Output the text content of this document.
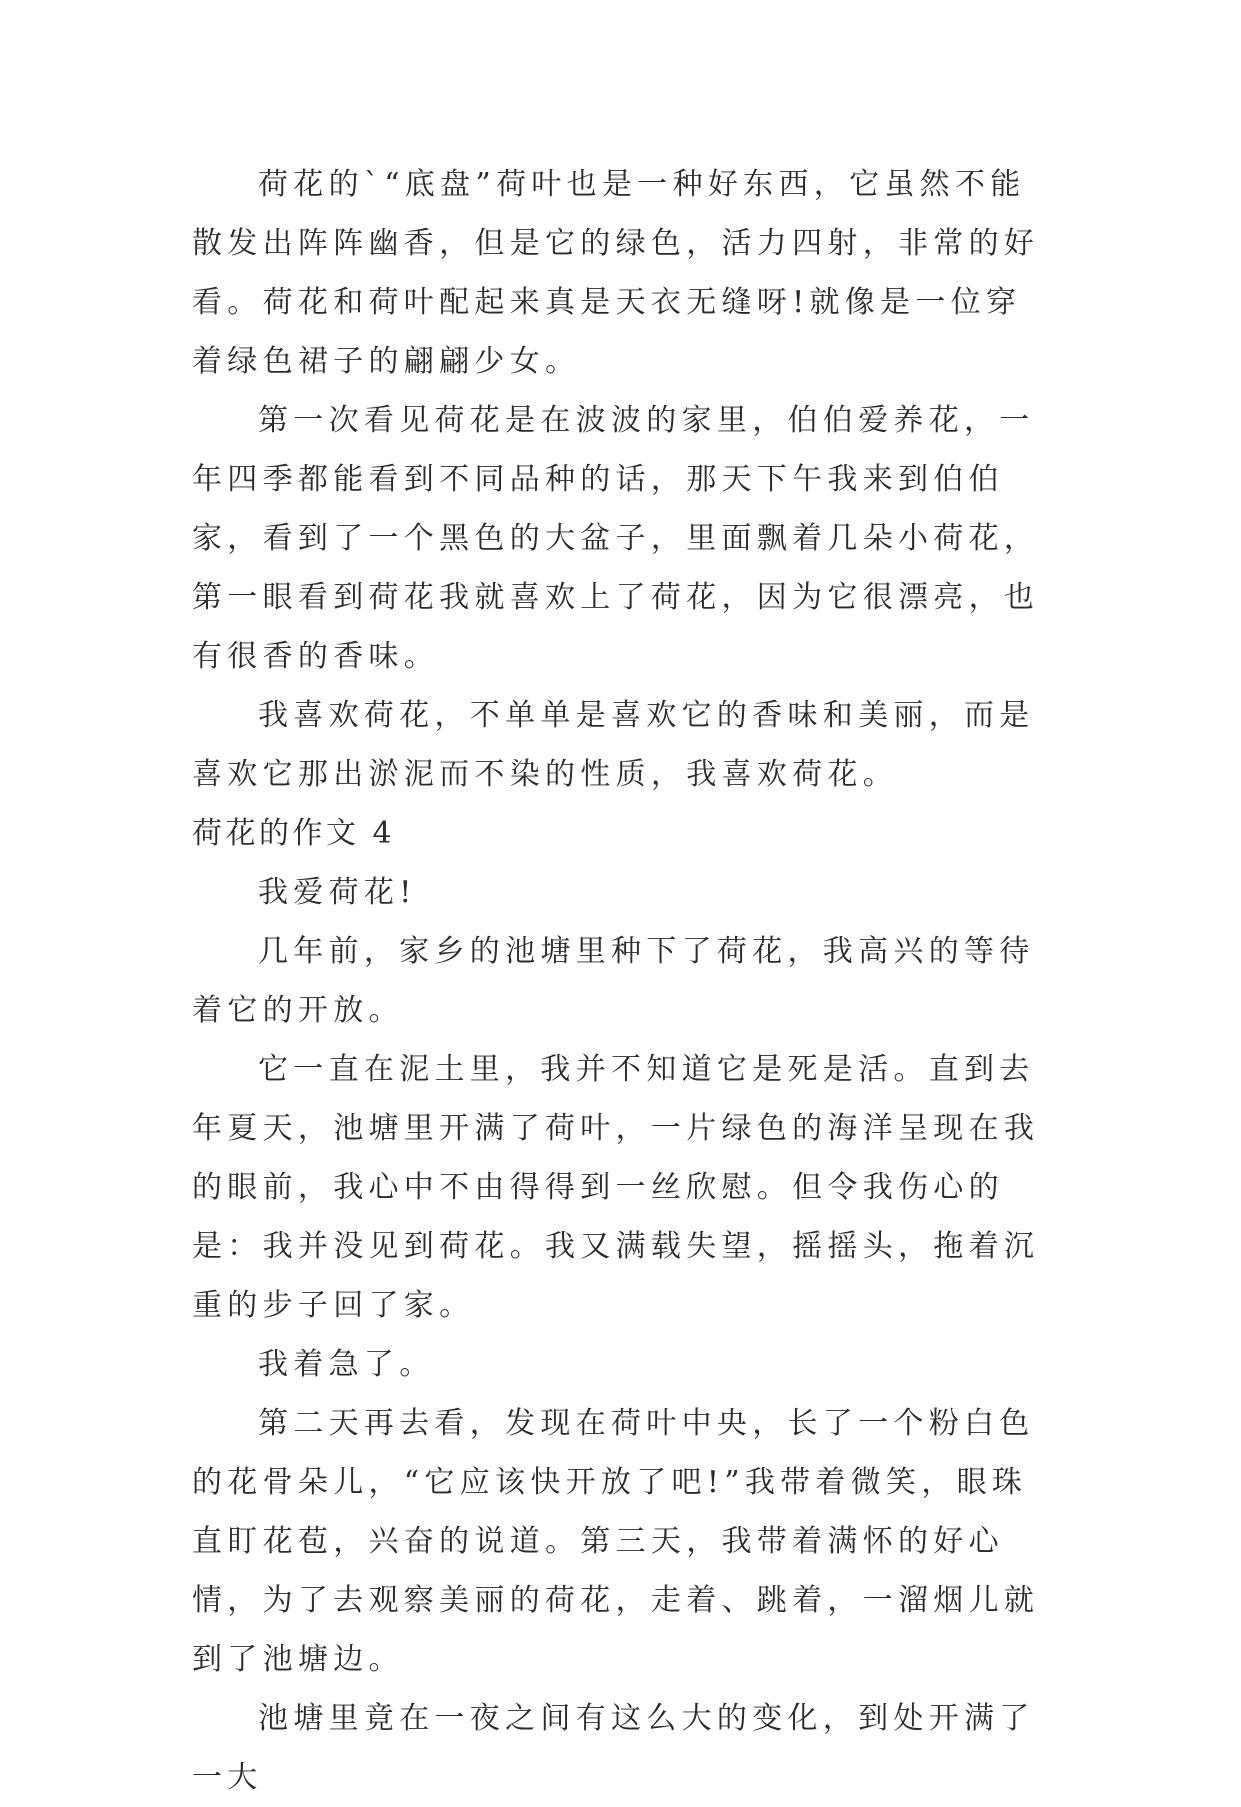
荷花的`“底盘”荷叶也是一种好东西，它虽然不能散发出阵阵幽香，但是它的绿色，活力四射，非常的好看。荷花和荷叶配起来真是天衣无缝呀!就像是一位穿着绿色裙子的翩翩少女。

第一次看见荷花是在波波的家里，伯伯爱养花，一年四季都能看到不同品种的话，那天下午我来到伯伯家，看到了一个黑色的大盆子，里面飘着几朵小荷花，第一眼看到荷花我就喜欢上了荷花，因为它很漂亮，也有很香的香味。

我喜欢荷花，不单单是喜欢它的香味和美丽，而是喜欢它那出淤泥而不染的性质，我喜欢荷花。

荷花的作文 4

我爱荷花!

几年前，家乡的池塘里种下了荷花，我高兴的等待着它的开放。

它一直在泥土里，我并不知道它是死是活。直到去年夏天，池塘里开满了荷叶，一片绿色的海洋呈现在我的眼前，我心中不由得得到一丝欣慰。但令我伤心的是：我并没见到荷花。我又满载失望，摇摇头，拖着沉重的步子回了家。

我着急了。

第二天再去看，发现在荷叶中央，长了一个粉白色的花骨朵儿，“它应该快开放了吧!”我带着微笑，眼珠直盯花苞，兴奋的说道。第三天，我带着满怀的好心情，为了去观察美丽的荷花，走着、跳着，一溜烟儿就到了池塘边。

池塘里竟在一夜之间有这么大的变化，到处开满了一大
